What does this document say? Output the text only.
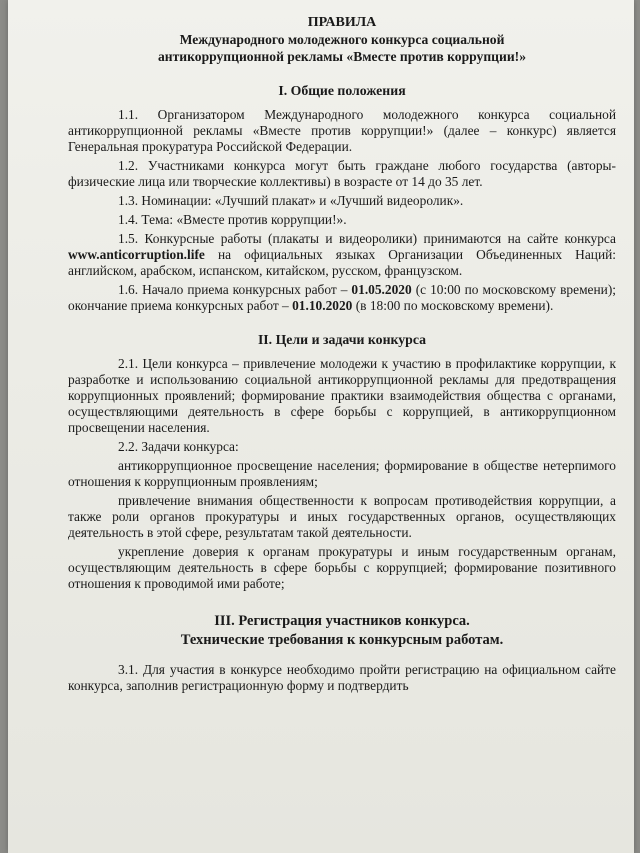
ПРАВИЛА
Международного молодежного конкурса социальной
антикоррупционной рекламы «Вместе против коррупции!»
I. Общие положения

1.1. Организатором Международного молодежного конкурса социальной антикоррупционной рекламы «Вместе против коррупции!» (далее – конкурс) является Генеральная прокуратура Российской Федерации.

1.2. Участниками конкурса могут быть граждане любого государства (авторы-физические лица или творческие коллективы) в возрасте от 14 до 35 лет.

1.3. Номинации: «Лучший плакат» и «Лучший видеоролик».

1.4. Тема: «Вместе против коррупции!».

1.5. Конкурсные работы (плакаты и видеоролики) принимаются на сайте конкурса www.anticorruption.life на официальных языках Организации Объединенных Наций: английском, арабском, испанском, китайском, русском, французском.

1.6. Начало приема конкурсных работ – 01.05.2020 (с 10:00 по московскому времени); окончание приема конкурсных работ – 01.10.2020 (в 18:00 по московскому времени).

II. Цели и задачи конкурса

2.1. Цели конкурса – привлечение молодежи к участию в профилактике коррупции, к разработке и использованию социальной антикоррупционной рекламы для предотвращения коррупционных проявлений; формирование практики взаимодействия общества с органами, осуществляющими деятельность в сфере борьбы с коррупцией, в антикоррупционном просвещении населения.

2.2. Задачи конкурса:

антикоррупционное просвещение населения; формирование в обществе нетерпимого отношения к коррупционным проявлениям;

привлечение внимания общественности к вопросам противодействия коррупции, а также роли органов прокуратуры и иных государственных органов, осуществляющих деятельность в этой сфере, результатам такой деятельности.

укрепление доверия к органам прокуратуры и иным государственным органам, осуществляющим деятельность в сфере борьбы с коррупцией; формирование позитивного отношения к проводимой ими работе;

III. Регистрация участников конкурса.
Технические требования к конкурсным работам.

3.1. Для участия в конкурсе необходимо пройти регистрацию на официальном сайте конкурса, заполнив регистрационную форму и подтвердить
